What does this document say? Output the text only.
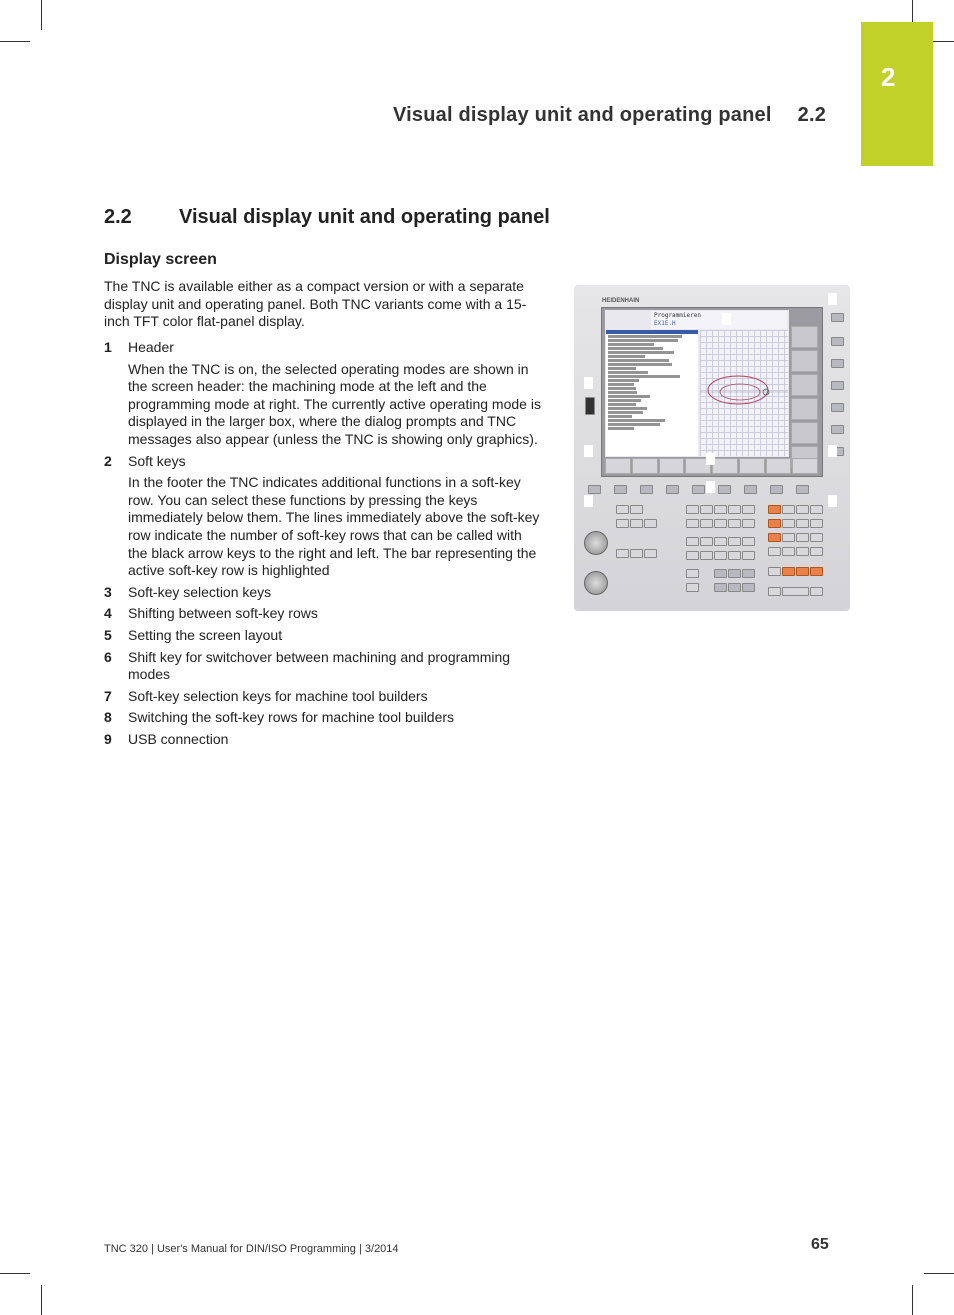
2
Visual display unit and operating panel 2.2
2.2 Visual display unit and operating panel
Display screen
The TNC is available either as a compact version or with a separate display unit and operating panel. Both TNC variants come with a 15-inch TFT color flat-panel display.
1	Header
When the TNC is on, the selected operating modes are shown in the screen header: the machining mode at the left and the programming mode at right. The currently active operating mode is displayed in the larger box, where the dialog prompts and TNC messages also appear (unless the TNC is showing only graphics).
2	Soft keys
In the footer the TNC indicates additional functions in a soft-key row. You can select these functions by pressing the keys immediately below them. The lines immediately above the soft-key row indicate the number of soft-key rows that can be called with the black arrow keys to the right and left. The bar representing the active soft-key row is highlighted
3	Soft-key selection keys
4	Shifting between soft-key rows
5	Setting the screen layout
6	Shift key for switchover between machining and programming modes
7	Soft-key selection keys for machine tool builders
8	Switching the soft-key rows for machine tool builders
9	USB connection
HEIDENHAIN
Programmieren
EX1E.H
TNC 320 | User's Manual for DIN/ISO Programming | 3/2014	65
